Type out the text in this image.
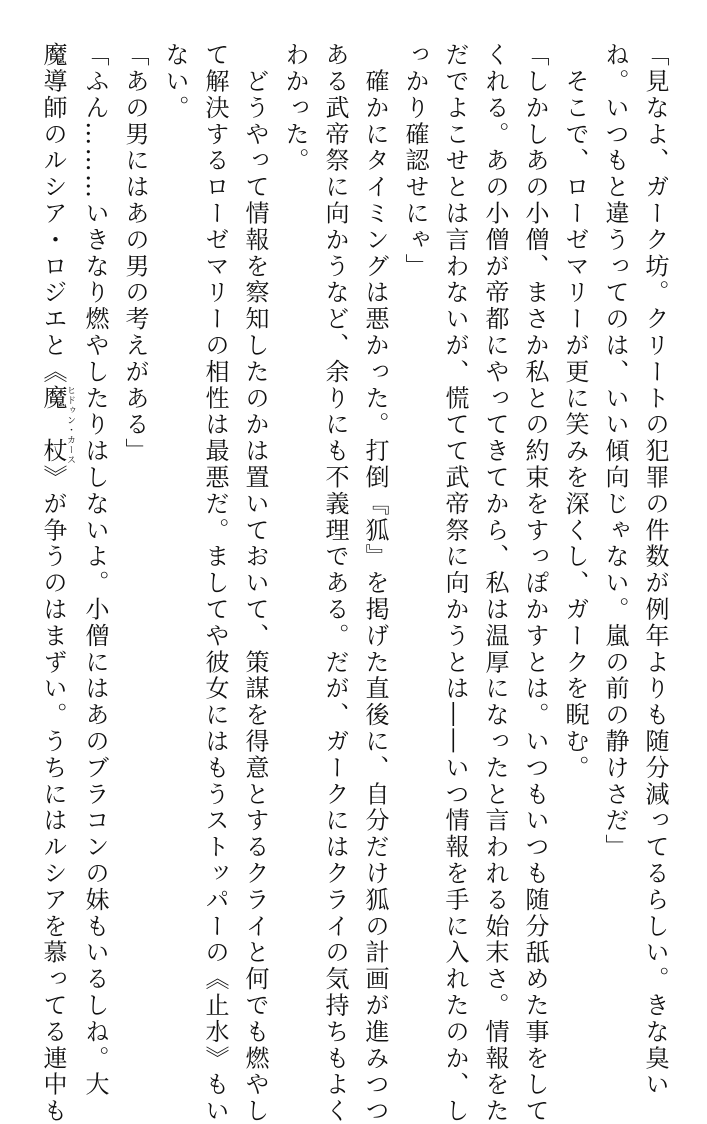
「見なよ、ガーク坊。クリートの犯罪の件数が例年よりも随分減ってるらしい。きな臭い
ね。いつもと違うってのは、いい傾向じゃない。嵐の前の静けさだ」
　そこで、ローゼマリーが更に笑みを深くし、ガークを睨む。
「しかしあの小僧、まさか私との約束をすっぽかすとは。いつもいつも随分舐めた事をして
くれる。あの小僧が帝都にやってきてから、私は温厚になったと言われる始末さ。情報をた
だでよこせとは言わないが、慌てて武帝祭に向かうとは――いつ情報を手に入れたのか、し
っかり確認せにゃ」
　確かにタイミングは悪かった。打倒『狐』を掲げた直後に、自分だけ狐の計画が進みつつ
ある武帝祭に向かうなど、余りにも不義理である。だが、ガークにはクライの気持ちもよく
わかった。
　どうやって情報を察知したのかは置いておいて、策謀を得意とするクライと何でも燃やし
て解決するローゼマリーの相性は最悪だ。ましてや彼女にはもうストッパーの《止水》もい
ない。
「あの男にはあの男の考えがある」
「ふん………いきなり燃やしたりはしないよ。小僧にはあのブラコンの妹もいるしね。大
魔導師のルシア・ロジエと《魔　杖ヒドゥン・カース》が争うのはまずい。うちにはルシアを慕ってる連中も
